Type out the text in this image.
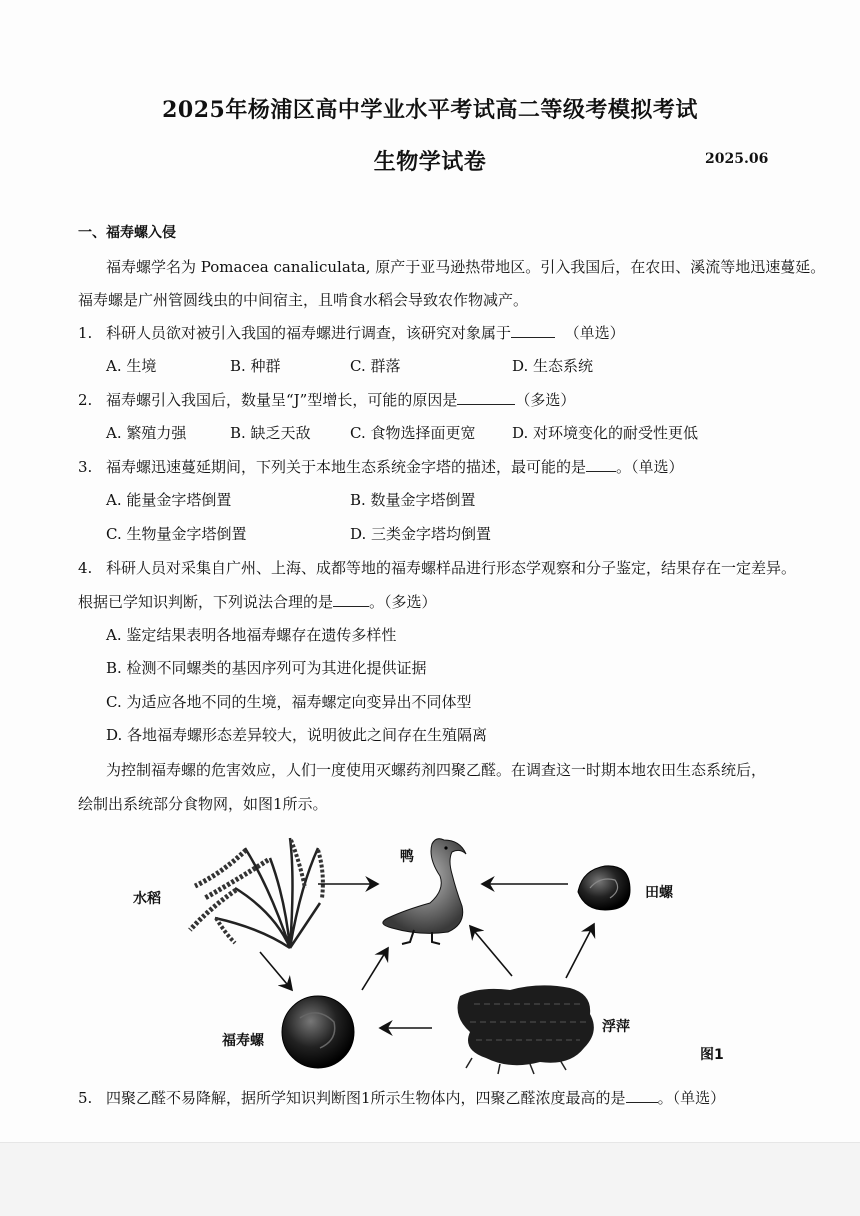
2025年杨浦区高中学业水平考试高二等级考模拟考试
生物学试卷	2025.06
一、福寿螺入侵
福寿螺学名为 Pomacea canaliculata, 原产于亚马逊热带地区。引入我国后，在农田、溪流等地迅速蔓延。
福寿螺是广州管圆线虫的中间宿主，且啃食水稻会导致农作物减产。
1. 科研人员欲对被引入我国的福寿螺进行调查，该研究对象属于	（单选）
A. 生境	B. 种群	C. 群落	D. 生态系统
2. 福寿螺引入我国后，数量呈“J”型增长，可能的原因是	（多选）
A. 繁殖力强	B. 缺乏天敌	C. 食物选择面更宽 D. 对环境变化的耐受性更低
3. 福寿螺迅速蔓延期间，下列关于本地生态系统金字塔的描述，最可能的是 。（单选）
A. 能量金字塔倒置	B. 数量金字塔倒置
C. 生物量金字塔倒置	D. 三类金字塔均倒置
4. 科研人员对采集自广州、上海、成都等地的福寿螺样品进行形态学观察和分子鉴定，结果存在一定差异。
根据已学知识判断，下列说法合理的是 。（多选）
A. 鉴定结果表明各地福寿螺存在遗传多样性
B. 检测不同螺类的基因序列可为其进化提供证据
C. 为适应各地不同的生境，福寿螺定向变异出不同体型
D. 各地福寿螺形态差异较大，说明彼此之间存在生殖隔离
为控制福寿螺的危害效应，人们一度使用灭螺药剂四聚乙醛。在调查这一时期本地农田生态系统后，
绘制出系统部分食物网，如图1所示。
水稻
鸭
田螺
福寿螺
浮萍
图1
5. 四聚乙醛不易降解，据所学知识判断图1所示生物体内，四聚乙醛浓度最高的是 。（单选）
